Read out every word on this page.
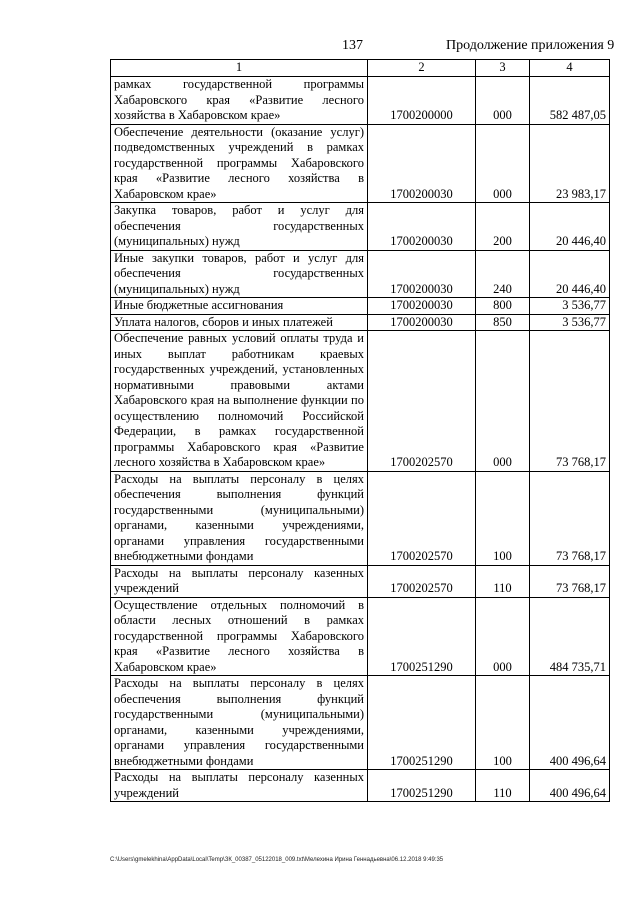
137	Продолжение приложения 9
1	2	3	4
рамках государственной программы Хабаровского края «Развитие лесного хозяйства в Хабаровском крае»	1700200000	000	582 487,05
Обеспечение деятельности (оказание услуг) подведомственных учреждений в рамках государственной программы Хабаровского края «Развитие лесного хозяйства в Хабаровском крае»	1700200030	000	23 983,17
Закупка товаров, работ и услуг для обеспечения государственных (муниципальных) нужд	1700200030	200	20 446,40
Иные закупки товаров, работ и услуг для обеспечения государственных (муниципальных) нужд	1700200030	240	20 446,40
Иные бюджетные ассигнования	1700200030	800	3 536,77
Уплата налогов, сборов и иных платежей	1700200030	850	3 536,77
Обеспечение равных условий оплаты труда и иных выплат работникам краевых государственных учреждений, установленных нормативными правовыми актами Хабаровского края на выполнение функции по осуществлению полномочий Российской Федерации, в рамках государственной программы Хабаровского края «Развитие лесного хозяйства в Хабаровском крае»	1700202570	000	73 768,17
Расходы на выплаты персоналу в целях обеспечения выполнения функций государственными (муниципальными) органами, казенными учреждениями, органами управления государственными внебюджетными фондами	1700202570	100	73 768,17
Расходы на выплаты персоналу казенных учреждений	1700202570	110	73 768,17
Осуществление отдельных полномочий в области лесных отношений в рамках государственной программы Хабаровского края «Развитие лесного хозяйства в Хабаровском крае»	1700251290	000	484 735,71
Расходы на выплаты персоналу в целях обеспечения выполнения функций государственными (муниципальными) органами, казенными учреждениями, органами управления государственными внебюджетными фондами	1700251290	100	400 496,64
Расходы на выплаты персоналу казенных учреждений	1700251290	110	400 496,64
C:\Users\gmelekhina\AppData\Local\Temp\ЗК_00387_05122018_009.txt\Мелехина Ирина Геннадьевна\06.12.2018 9:49:35
